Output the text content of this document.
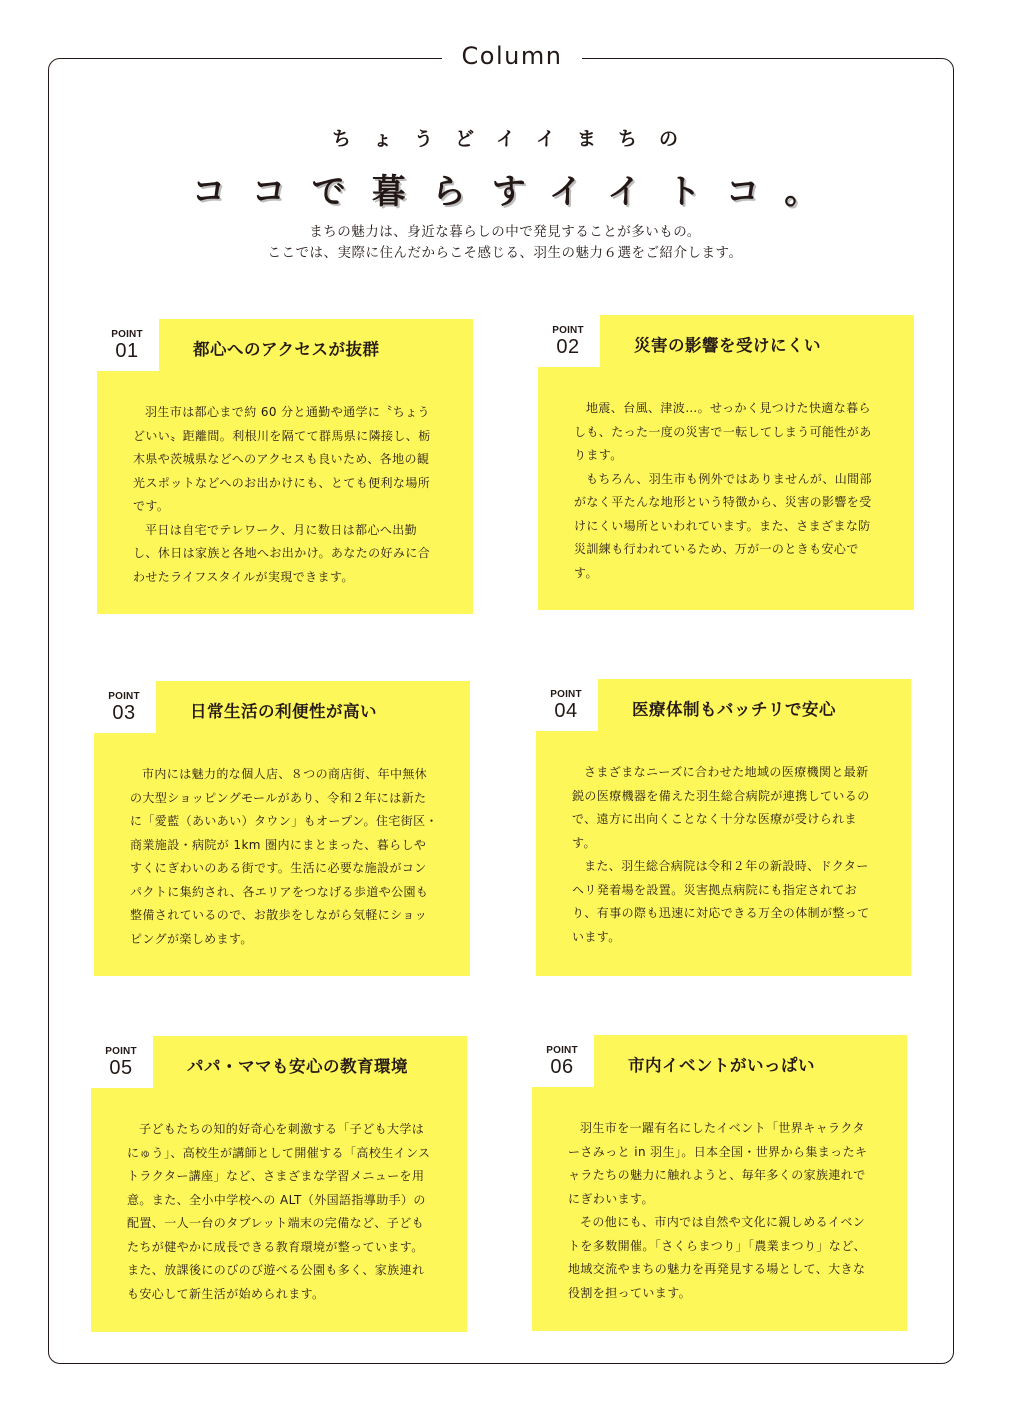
Column
ちょうどイイまちの
ココで暮らすイイトコ。
まちの魅力は、身近な暮らしの中で発見することが多いもの。
ここでは、実際に住んだからこそ感じる、羽生の魅力６選をご紹介します。
POINT
01	都心へのアクセスが抜群

羽生市は都心まで約 60 分と通勤や通学に〝ちょうどいい〟距離間。利根川を隔てて群馬県に隣接し、栃木県や茨城県などへのアクセスも良いため、各地の観光スポットなどへのお出かけにも、とても便利な場所です。

平日は自宅でテレワーク、月に数日は都心へ出勤し、休日は家族と各地へお出かけ。あなたの好みに合わせたライフスタイルが実現できます。

POINT
02	災害の影響を受けにくい

地震、台風、津波…。せっかく見つけた快適な暮らしも、たった一度の災害で一転してしまう可能性があります。

もちろん、羽生市も例外ではありませんが、山間部がなく平たんな地形という特徴から、災害の影響を受けにくい場所といわれています。また、さまざまな防災訓練も行われているため、万が一のときも安心です。

POINT
03	日常生活の利便性が高い

市内には魅力的な個人店、８つの商店街、年中無休の大型ショッピングモールがあり、令和２年には新たに「愛藍（あいあい）タウン」もオープン。住宅街区・商業施設・病院が 1km 圏内にまとまった、暮らしやすくにぎわいのある街です。生活に必要な施設がコンパクトに集約され、各エリアをつなげる歩道や公園も整備されているので、お散歩をしながら気軽にショッピングが楽しめます。

POINT
04	医療体制もバッチリで安心

さまざまなニーズに合わせた地域の医療機関と最新鋭の医療機器を備えた羽生総合病院が連携しているので、遠方に出向くことなく十分な医療が受けられます。

また、羽生総合病院は令和２年の新設時、ドクターヘリ発着場を設置。災害拠点病院にも指定されており、有事の際も迅速に対応できる万全の体制が整っています。

POINT
05	パパ・ママも安心の教育環境

子どもたちの知的好奇心を刺激する「子ども大学はにゅう」、高校生が講師として開催する「高校生インストラクター講座」など、さまざまな学習メニューを用意。また、全小中学校への ALT（外国語指導助手）の配置、一人一台のタブレット端末の完備など、子どもたちが健やかに成長できる教育環境が整っています。また、放課後にのびのび遊べる公園も多く、家族連れも安心して新生活が始められます。

POINT
06	市内イベントがいっぱい

羽生市を一躍有名にしたイベント「世界キャラクターさみっと in 羽生」。日本全国・世界から集まったキャラたちの魅力に触れようと、毎年多くの家族連れでにぎわいます。

その他にも、市内では自然や文化に親しめるイベントを多数開催。「さくらまつり」「農業まつり」など、地域交流やまちの魅力を再発見する場として、大きな役割を担っています。
